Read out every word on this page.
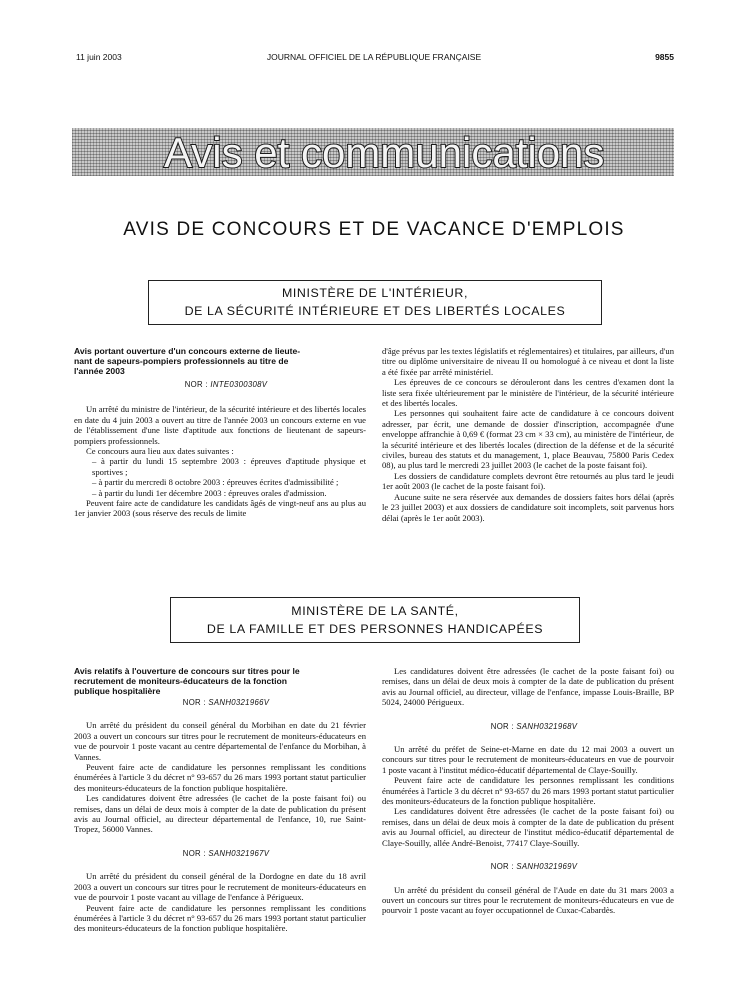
11 juin 2003	JOURNAL OFFICIEL DE LA RÉPUBLIQUE FRANÇAISE	9855
Avis et communications
AVIS DE CONCOURS ET DE VACANCE D'EMPLOIS
MINISTÈRE DE L'INTÉRIEUR,
DE LA SÉCURITÉ INTÉRIEURE ET DES LIBERTÉS LOCALES
Avis portant ouverture d'un concours externe de lieute-
nant de sapeurs-pompiers professionnels au titre de
l'année 2003

NOR : INTE0300308V

Un arrêté du ministre de l'intérieur, de la sécurité intérieure et des libertés locales en date du 4 juin 2003 a ouvert au titre de l'année 2003 un concours externe en vue de l'établissement d'une liste d'aptitude aux fonctions de lieutenant de sapeurs-pompiers professionnels.

Ce concours aura lieu aux dates suivantes :

– à partir du lundi 15 septembre 2003 : épreuves d'aptitude physique et sportives ;

– à partir du mercredi 8 octobre 2003 : épreuves écrites d'admissibilité ;

– à partir du lundi 1er décembre 2003 : épreuves orales d'admission.

Peuvent faire acte de candidature les candidats âgés de vingt-neuf ans au plus au 1er janvier 2003 (sous réserve des reculs de limite

d'âge prévus par les textes législatifs et réglementaires) et titulaires, par ailleurs, d'un titre ou diplôme universitaire de niveau II ou homologué à ce niveau et dont la liste a été fixée par arrêté ministériel.

Les épreuves de ce concours se dérouleront dans les centres d'examen dont la liste sera fixée ultérieurement par le ministère de l'intérieur, de la sécurité intérieure et des libertés locales.

Les personnes qui souhaitent faire acte de candidature à ce concours doivent adresser, par écrit, une demande de dossier d'inscription, accompagnée d'une enveloppe affranchie à 0,69 € (format 23 cm × 33 cm), au ministère de l'intérieur, de la sécurité intérieure et des libertés locales (direction de la défense et de la sécurité civiles, bureau des statuts et du management, 1, place Beauvau, 75800 Paris Cedex 08), au plus tard le mercredi 23 juillet 2003 (le cachet de la poste faisant foi).

Les dossiers de candidature complets devront être retournés au plus tard le jeudi 1er août 2003 (le cachet de la poste faisant foi).

Aucune suite ne sera réservée aux demandes de dossiers faites hors délai (après le 23 juillet 2003) et aux dossiers de candidature soit incomplets, soit parvenus hors délai (après le 1er août 2003).

MINISTÈRE DE LA SANTÉ,
DE LA FAMILLE ET DES PERSONNES HANDICAPÉES
Avis relatifs à l'ouverture de concours sur titres pour le
recrutement de moniteurs-éducateurs de la fonction
publique hospitalière

NOR : SANH0321966V

Un arrêté du président du conseil général du Morbihan en date du 21 février 2003 a ouvert un concours sur titres pour le recrutement de moniteurs-éducateurs en vue de pourvoir 1 poste vacant au centre départemental de l'enfance du Morbihan, à Vannes.

Peuvent faire acte de candidature les personnes remplissant les conditions énumérées à l'article 3 du décret n° 93-657 du 26 mars 1993 portant statut particulier des moniteurs-éducateurs de la fonction publique hospitalière.

Les candidatures doivent être adressées (le cachet de la poste faisant foi) ou remises, dans un délai de deux mois à compter de la date de publication du présent avis au Journal officiel, au directeur départemental de l'enfance, 10, rue Saint-Tropez, 56000 Vannes.

NOR : SANH0321967V

Un arrêté du président du conseil général de la Dordogne en date du 18 avril 2003 a ouvert un concours sur titres pour le recrutement de moniteurs-éducateurs en vue de pourvoir 1 poste vacant au village de l'enfance à Périgueux.

Peuvent faire acte de candidature les personnes remplissant les conditions énumérées à l'article 3 du décret n° 93-657 du 26 mars 1993 portant statut particulier des moniteurs-éducateurs de la fonction publique hospitalière.

Les candidatures doivent être adressées (le cachet de la poste faisant foi) ou remises, dans un délai de deux mois à compter de la date de publication du présent avis au Journal officiel, au directeur, village de l'enfance, impasse Louis-Braille, BP 5024, 24000 Périgueux.

NOR : SANH0321968V

Un arrêté du préfet de Seine-et-Marne en date du 12 mai 2003 a ouvert un concours sur titres pour le recrutement de moniteurs-éducateurs en vue de pourvoir 1 poste vacant à l'institut médico-éducatif départemental de Claye-Souilly.

Peuvent faire acte de candidature les personnes remplissant les conditions énumérées à l'article 3 du décret n° 93-657 du 26 mars 1993 portant statut particulier des moniteurs-éducateurs de la fonction publique hospitalière.

Les candidatures doivent être adressées (le cachet de la poste faisant foi) ou remises, dans un délai de deux mois à compter de la date de publication du présent avis au Journal officiel, au directeur de l'institut médico-éducatif départemental de Claye-Souilly, allée André-Benoist, 77417 Claye-Souilly.

NOR : SANH0321969V

Un arrêté du président du conseil général de l'Aude en date du 31 mars 2003 a ouvert un concours sur titres pour le recrutement de moniteurs-éducateurs en vue de pourvoir 1 poste vacant au foyer occupationnel de Cuxac-Cabardès.
